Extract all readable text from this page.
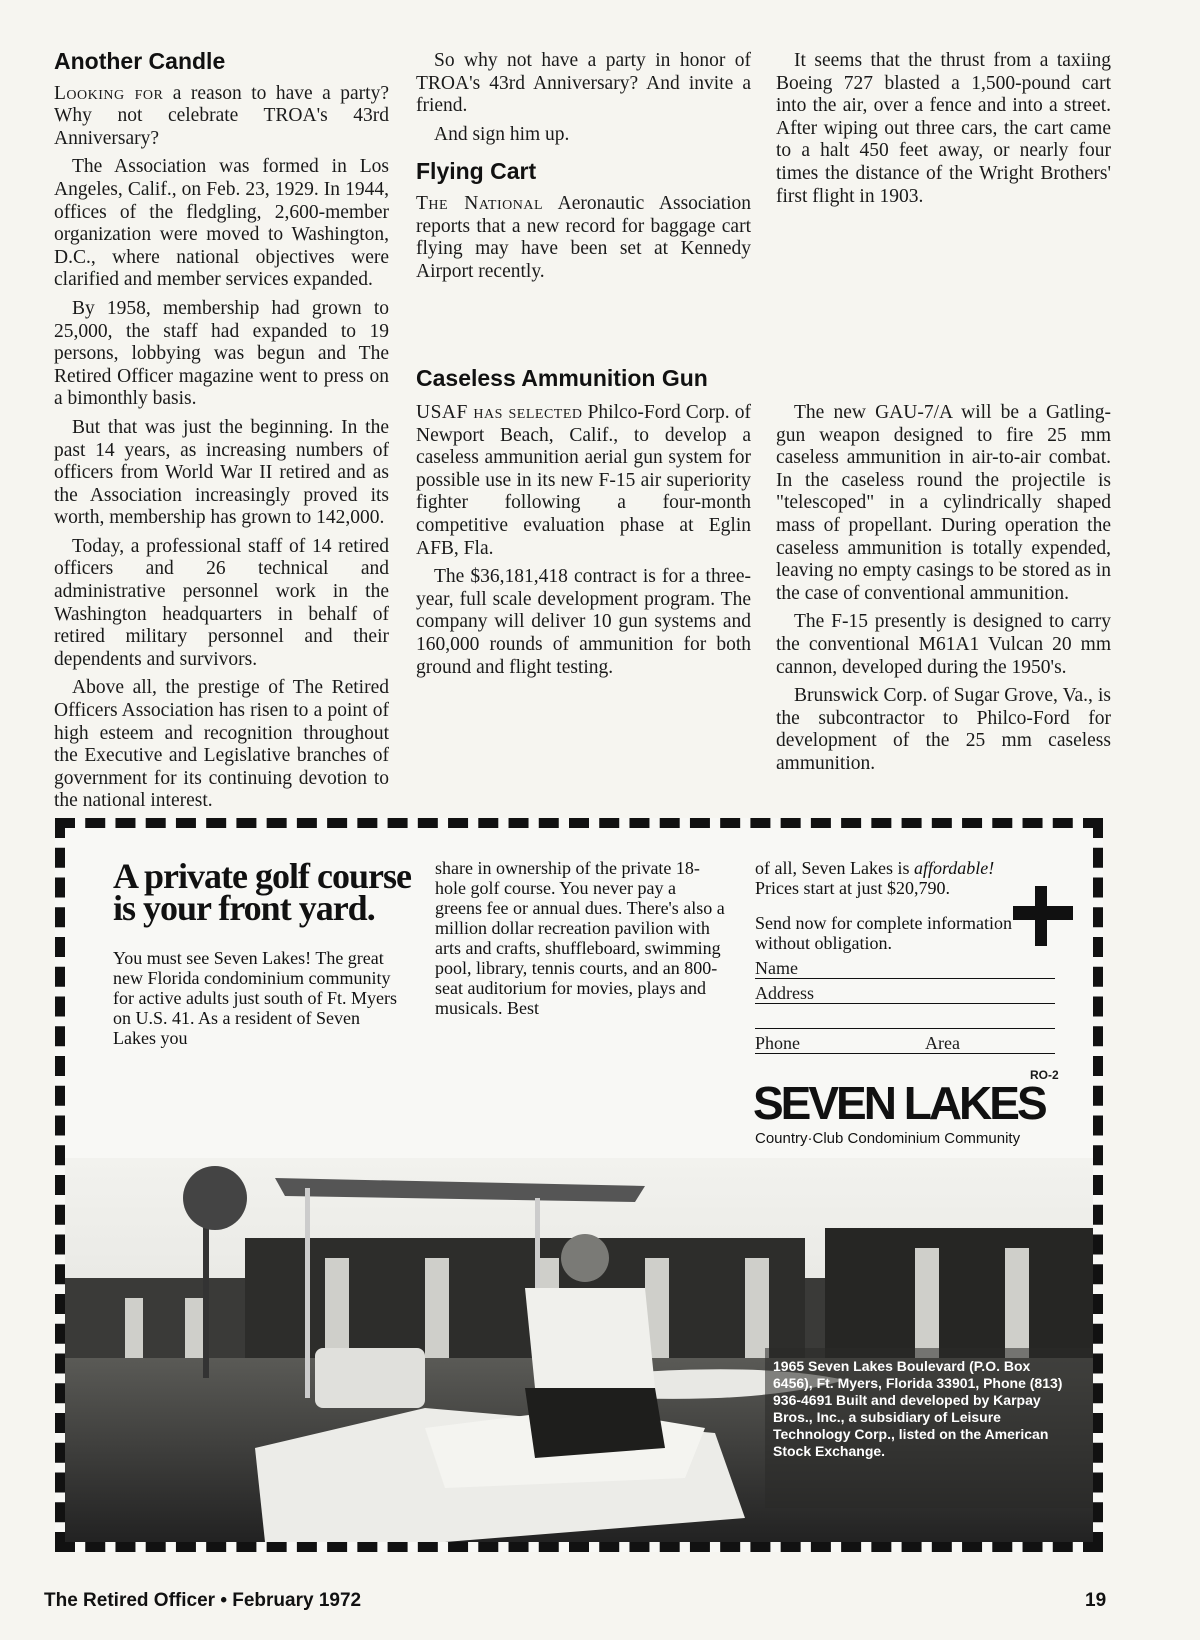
Another Candle

Looking for a reason to have a party? Why not celebrate TROA's 43rd Anniversary?

The Association was formed in Los Angeles, Calif., on Feb. 23, 1929. In 1944, offices of the fledgling, 2,600-member organization were moved to Washington, D.C., where national objectives were clarified and member services expanded.

By 1958, membership had grown to 25,000, the staff had expanded to 19 persons, lobbying was begun and The Retired Officer magazine went to press on a bimonthly basis.

But that was just the beginning. In the past 14 years, as increasing numbers of officers from World War II retired and as the Association increasingly proved its worth, membership has grown to 142,000.

Today, a professional staff of 14 retired officers and 26 technical and administrative personnel work in the Washington headquarters in behalf of retired military personnel and their dependents and survivors.

Above all, the prestige of The Retired Officers Association has risen to a point of high esteem and recognition throughout the Executive and Legislative branches of government for its continuing devotion to the national interest.

So why not have a party in honor of TROA's 43rd Anniversary? And invite a friend.

And sign him up.

Flying Cart

The National Aeronautic Association reports that a new record for baggage cart flying may have been set at Kennedy Airport recently.

It seems that the thrust from a taxiing Boeing 727 blasted a 1,500-pound cart into the air, over a fence and into a street. After wiping out three cars, the cart came to a halt 450 feet away, or nearly four times the distance of the Wright Brothers' first flight in 1903.

Caseless Ammunition Gun

USAF has selected Philco-Ford Corp. of Newport Beach, Calif., to develop a caseless ammunition aerial gun system for possible use in its new F-15 air superiority fighter following a four-month competitive evaluation phase at Eglin AFB, Fla.

The $36,181,418 contract is for a three-year, full scale development program. The company will deliver 10 gun systems and 160,000 rounds of ammunition for both ground and flight testing.

The new GAU-7/A will be a Gatling-gun weapon designed to fire 25 mm caseless ammunition in air-to-air combat. In the caseless round the projectile is "telescoped" in a cylindrically shaped mass of propellant. During operation the caseless ammunition is totally expended, leaving no empty casings to be stored as in the case of conventional ammunition.

The F-15 presently is designed to carry the conventional M61A1 Vulcan 20 mm cannon, developed during the 1950's.

Brunswick Corp. of Sugar Grove, Va., is the subcontractor to Philco-Ford for development of the 25 mm caseless ammunition.

A private golf course is your front yard.
You must see Seven Lakes! The great new Florida condominium community for active adults just south of Ft. Myers on U.S. 41. As a resident of Seven Lakes you
share in ownership of the private 18-hole golf course. You never pay a greens fee or annual dues. There's also a million dollar recreation pavilion with arts and crafts, shuffleboard, swimming pool, library, tennis courts, and an 800-seat auditorium for movies, plays and musicals. Best
of all, Seven Lakes is affordable! Prices start at just $20,790.
Send now for complete information without obligation.
Name
Address

Phone	Area
RO-2
SEVEN LAKES
Country·Club Condominium Community
1965 Seven Lakes Boulevard (P.O. Box 6456), Ft. Myers, Florida 33901, Phone (813) 936-4691 Built and developed by Karpay Bros., Inc., a subsidiary of Leisure Technology Corp., listed on the American Stock Exchange.
The Retired Officer • February 1972	19
